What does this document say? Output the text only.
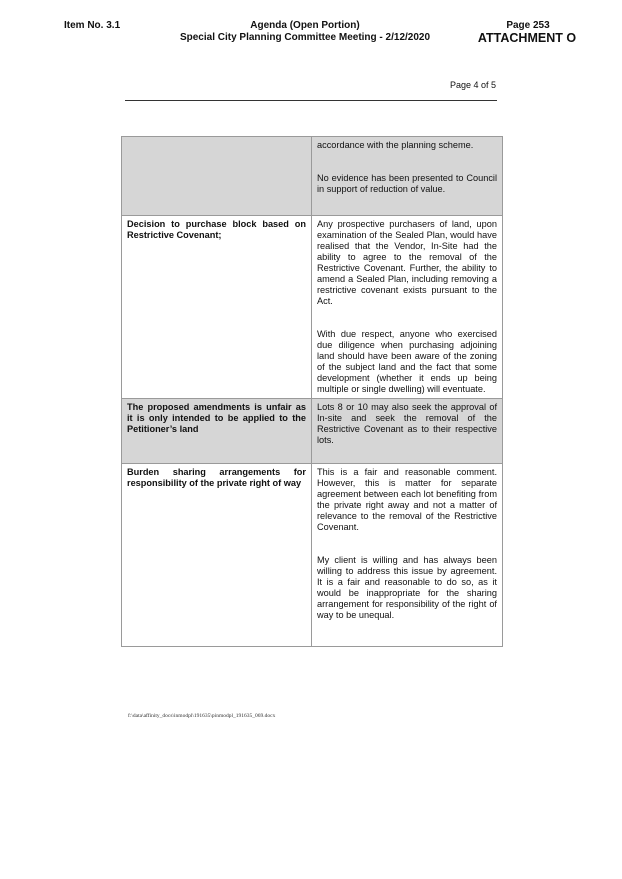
Item No. 3.1	Agenda (Open Portion)
Special City Planning Committee Meeting - 2/12/2020
Page 253
ATTACHMENT O
Page 4 of 5

	accordance with the planning scheme.

No evidence has been presented to Council in support of reduction of value.

Decision to purchase block based on Restrictive Covenant;	Any prospective purchasers of land, upon examination of the Sealed Plan, would have realised that the Vendor, In-Site had the ability to agree to the removal of the Restrictive Covenant. Further, the ability to amend a Sealed Plan, including removing a restrictive covenant exists pursuant to the Act.

With due respect, anyone who exercised due diligence when purchasing adjoining land should have been aware of the zoning of the subject land and the fact that some development (whether it ends up being multiple or single dwelling) will eventuate.

The proposed amendments is unfair as it is only intended to be applied to the Petitioner’s land	Lots 8 or 10 may also seek the approval of In-site and seek the removal of the Restrictive Covenant as to their respective lots.

Burden sharing arrangements for responsibility of the private right of way	This is a fair and reasonable comment. However, this is matter for separate agreement between each lot benefiting from the private right away and not a matter of relevance to the removal of the Restrictive Covenant.

My client is willing and has always been willing to address this issue by agreement. It is a fair and reasonable to do so, as it would be inappropriate for the sharing arrangement for responsibility of the right of way to be unequal.

f:\data\affinity_docs\inmodpl\191635\pinmodpl_191635_069.docx
